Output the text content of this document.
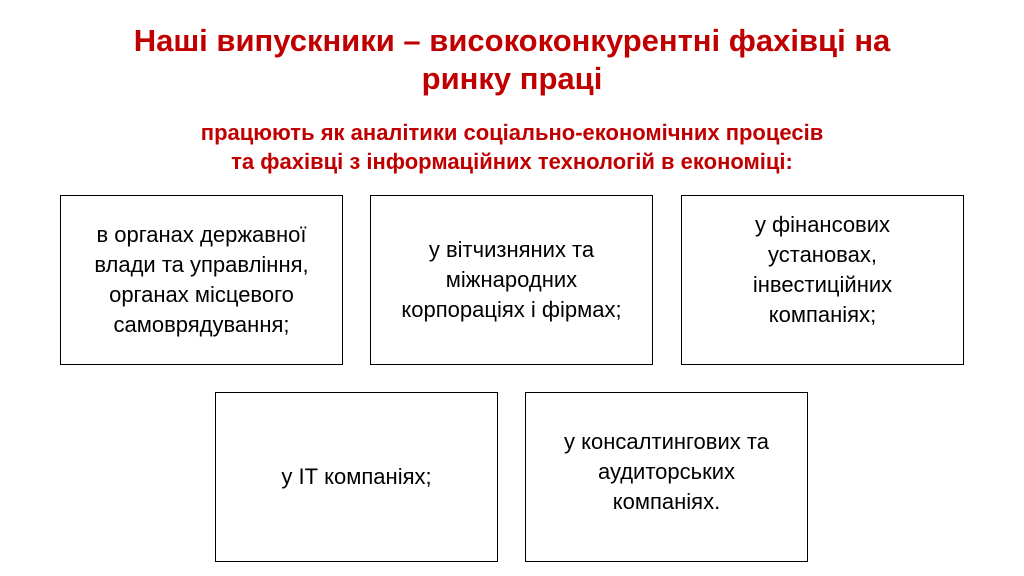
Наші випускники – висококонкурентні фахівці на
ринку праці
працюють як аналітики соціально-економічних процесів
та фахівці з інформаційних технологій в економіці:
в органах державної
влади та управління,
органах місцевого
самоврядування;
у вітчизняних та
міжнародних
корпораціях і фірмах;
у фінансових
установах,
інвестиційних
компаніях;
у ІТ компаніях;
у консалтингових та
аудиторських
компаніях.
